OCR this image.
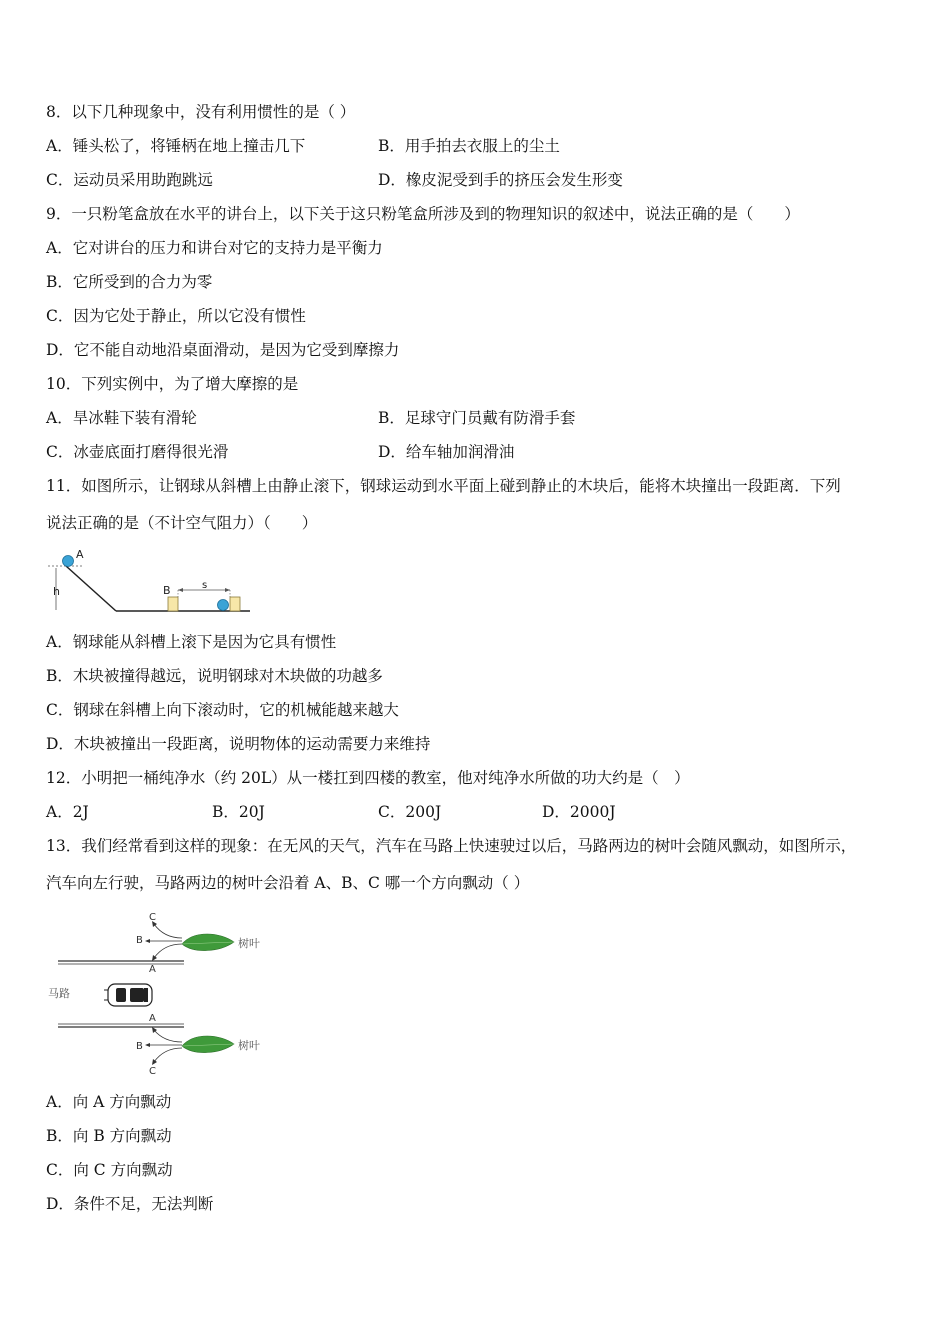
8．以下几种现象中，没有利用惯性的是（ ）
A．锤头松了，将锤柄在地上撞击几下	B．用手拍去衣服上的尘土
C．运动员采用助跑跳远	D．橡皮泥受到手的挤压会发生形变
9．一只粉笔盒放在水平的讲台上，以下关于这只粉笔盒所涉及到的物理知识的叙述中，说法正确的是（　　）
A．它对讲台的压力和讲台对它的支持力是平衡力
B．它所受到的合力为零
C．因为它处于静止，所以它没有惯性
D．它不能自动地沿桌面滑动，是因为它受到摩擦力
10．下列实例中，为了增大摩擦的是
A．旱冰鞋下装有滑轮	B．足球守门员戴有防滑手套
C．冰壶底面打磨得很光滑	D．给车轴加润滑油
11．如图所示，让钢球从斜槽上由静止滚下，钢球运动到水平面上碰到静止的木块后，能将木块撞出一段距离．下列
说法正确的是（不计空气阻力）（　　）
h
A
B	s
A．钢球能从斜槽上滚下是因为它具有惯性
B．木块被撞得越远，说明钢球对木块做的功越多
C．钢球在斜槽上向下滚动时，它的机械能越来越大
D．木块被撞出一段距离，说明物体的运动需要力来维持
12．小明把一桶纯净水（约 20L）从一楼扛到四楼的教室，他对纯净水所做的功大约是（　）
A．2J	B．20J	C．200J	D．2000J
13．我们经常看到这样的现象：在无风的天气，汽车在马路上快速驶过以后，马路两边的树叶会随风飘动，如图所示，
汽车向左行驶，马路两边的树叶会沿着 A、B、C 哪一个方向飘动（ ）
C
B
A
树叶
马路
A
B
C
树叶
A．向 A 方向飘动
B．向 B 方向飘动
C．向 C 方向飘动
D．条件不足，无法判断
